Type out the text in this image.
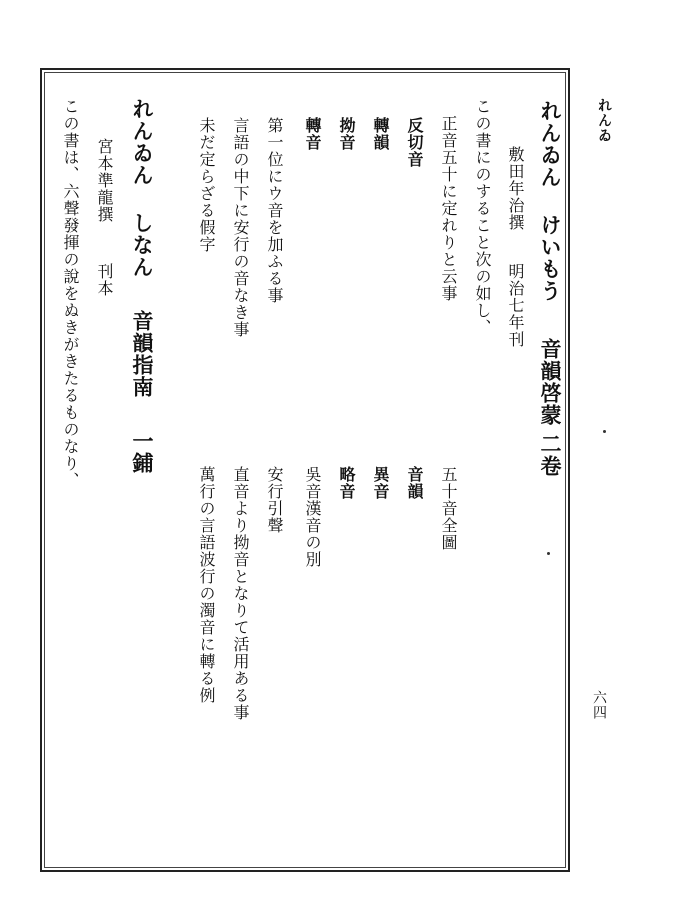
れんゐ
六四
れんゐん けいもう
音韻啓蒙
二卷
敷田年治撰
明治七年刊
この書にのすること次の如し、
正音五十に定れりと云事
反切音
轉韻
拗音
轉音
第一位にウ音を加ふる事
言語の中下に安行の音なき事
未だ定らざる假字
五十音全圖
音韻
異音
略音
吳音漢音の別
安行引聲
直音より拗音となりて活用ある事
萬行の言語波行の濁音に轉る例
れんゐん しなん
音韻指南
一鋪
宮本準龍撰
刊本
この書は、六聲發揮の說をぬきがきたるものなり、
